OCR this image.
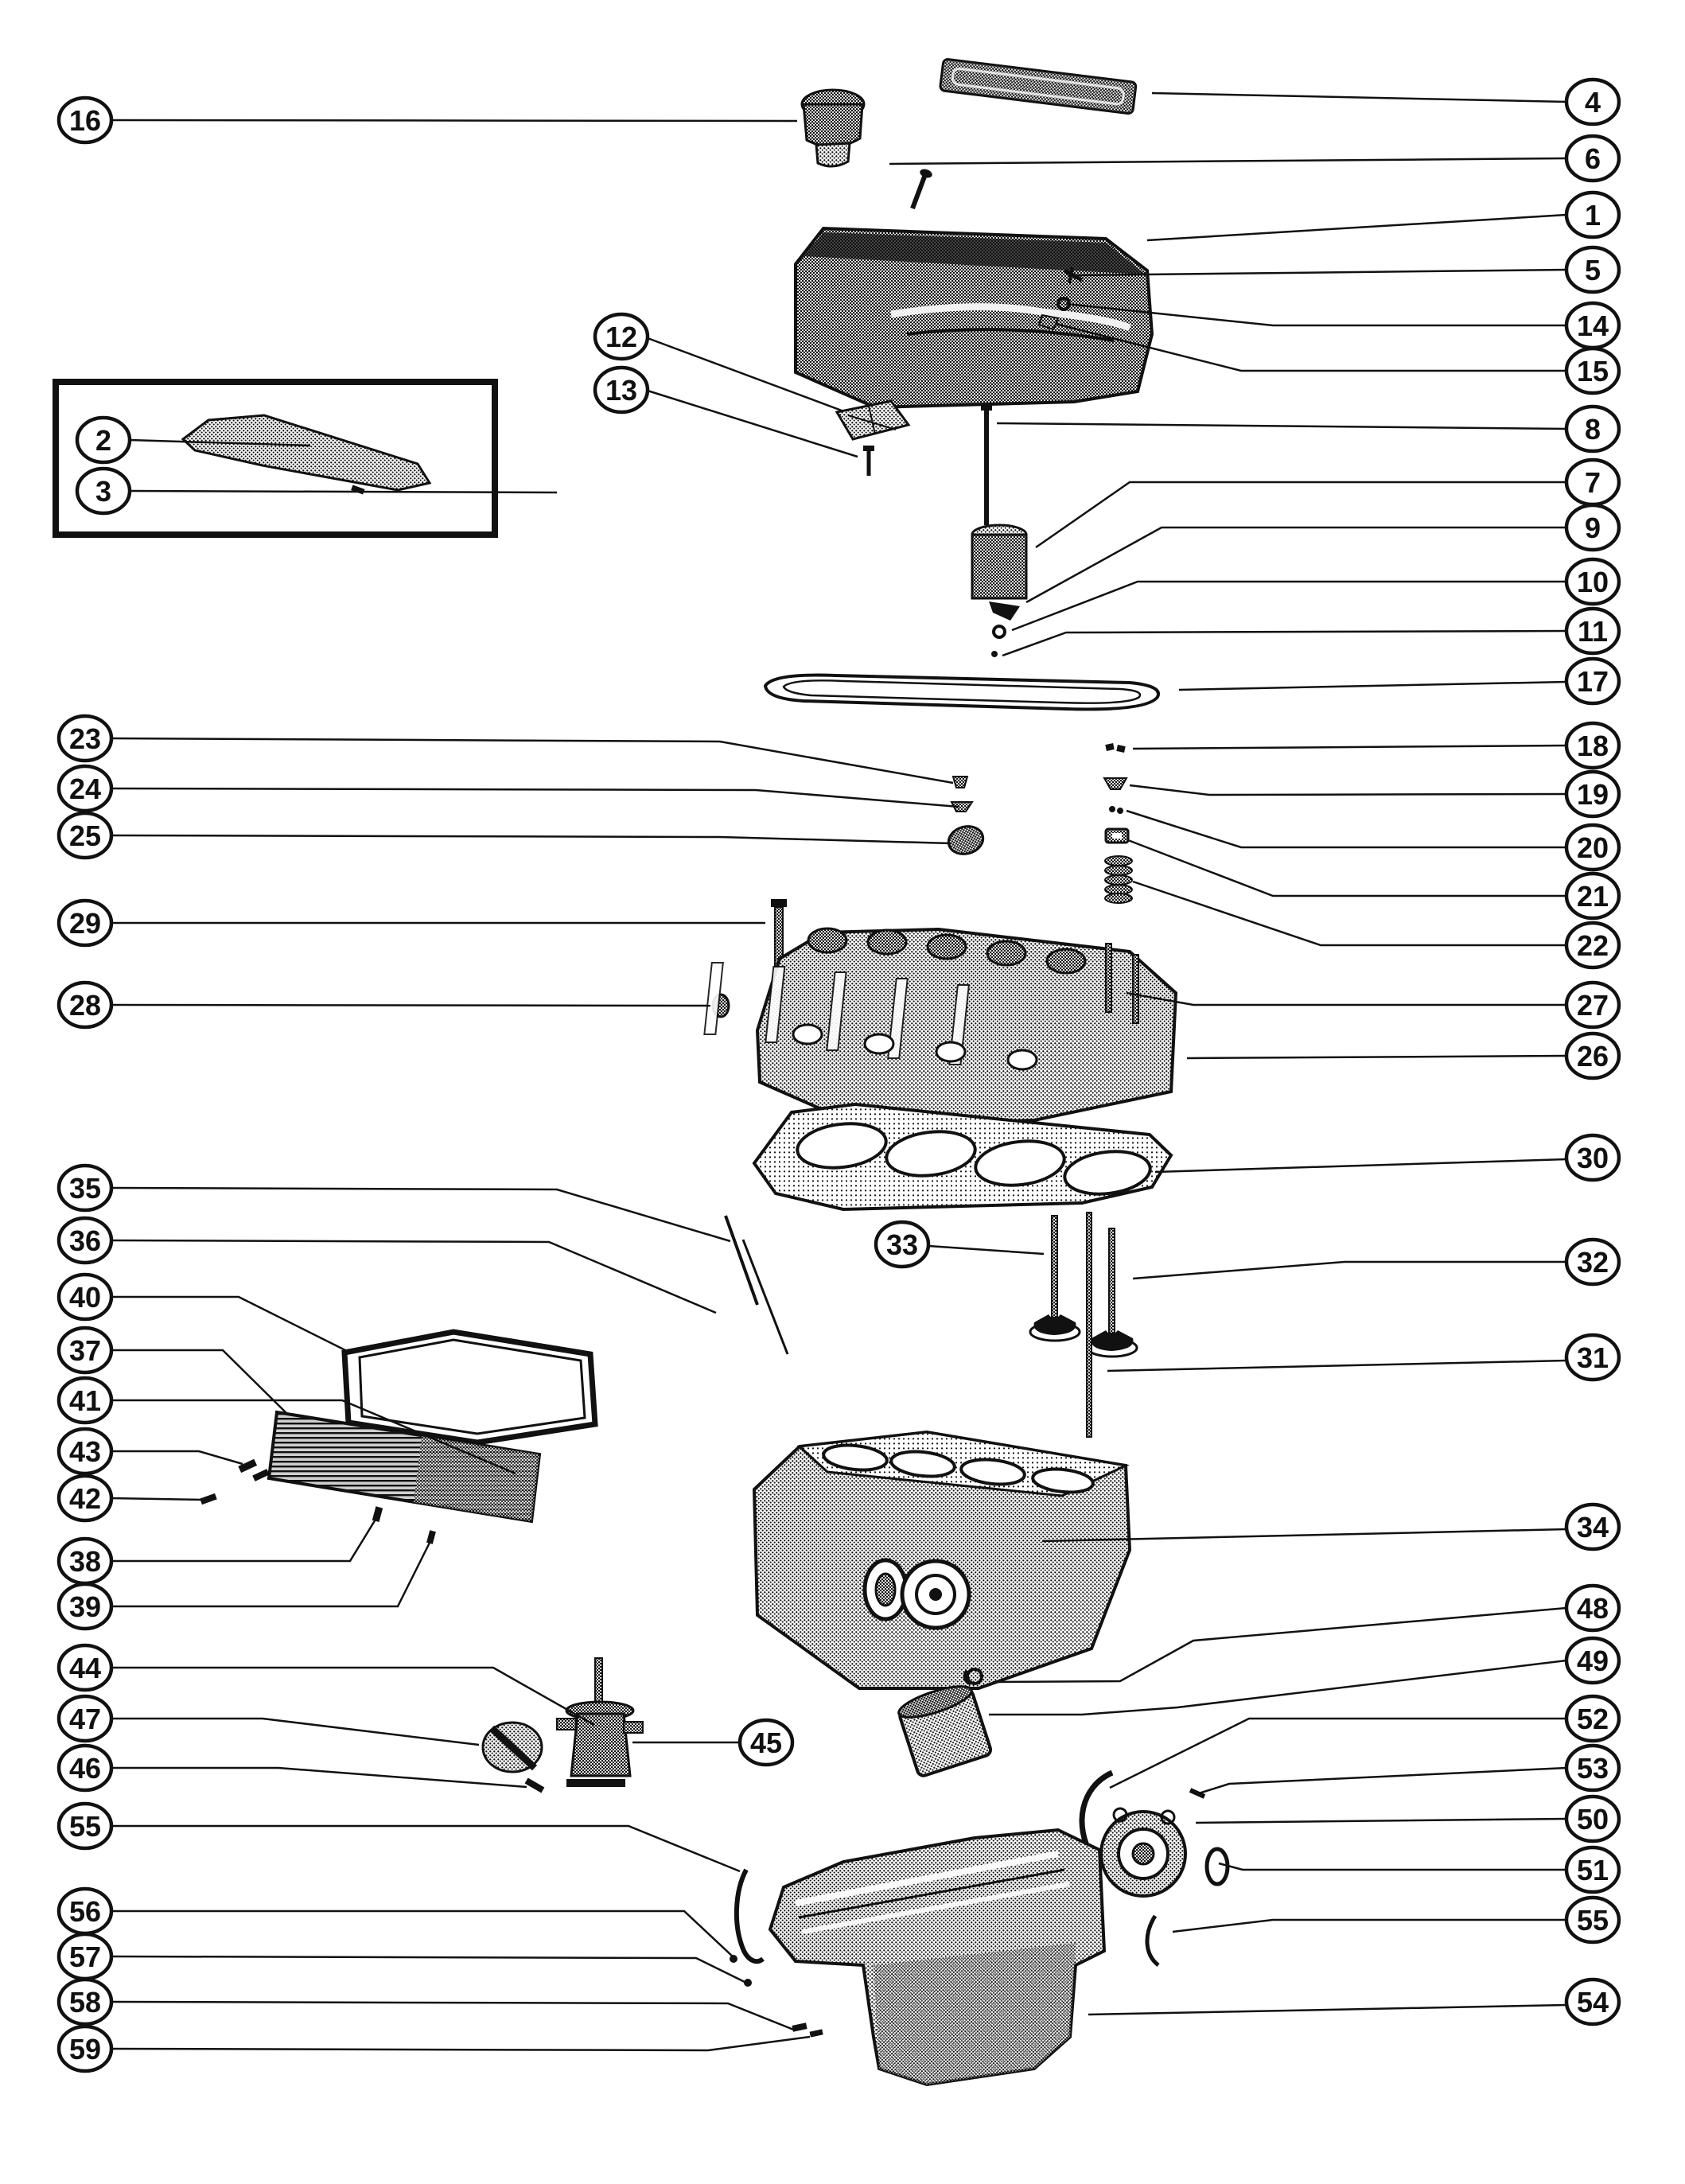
16
2
3
12
13
23
24
25
29
28
35
36
40
37
41
43
42
38
39
44
47
46
55
56
57
58
59
33
45
4
6
1
5
14
15
8
7
9
10
11
17
18
19
20
21
22
27
26
30
32
31
34
48
49
52
53
50
51
55
54
